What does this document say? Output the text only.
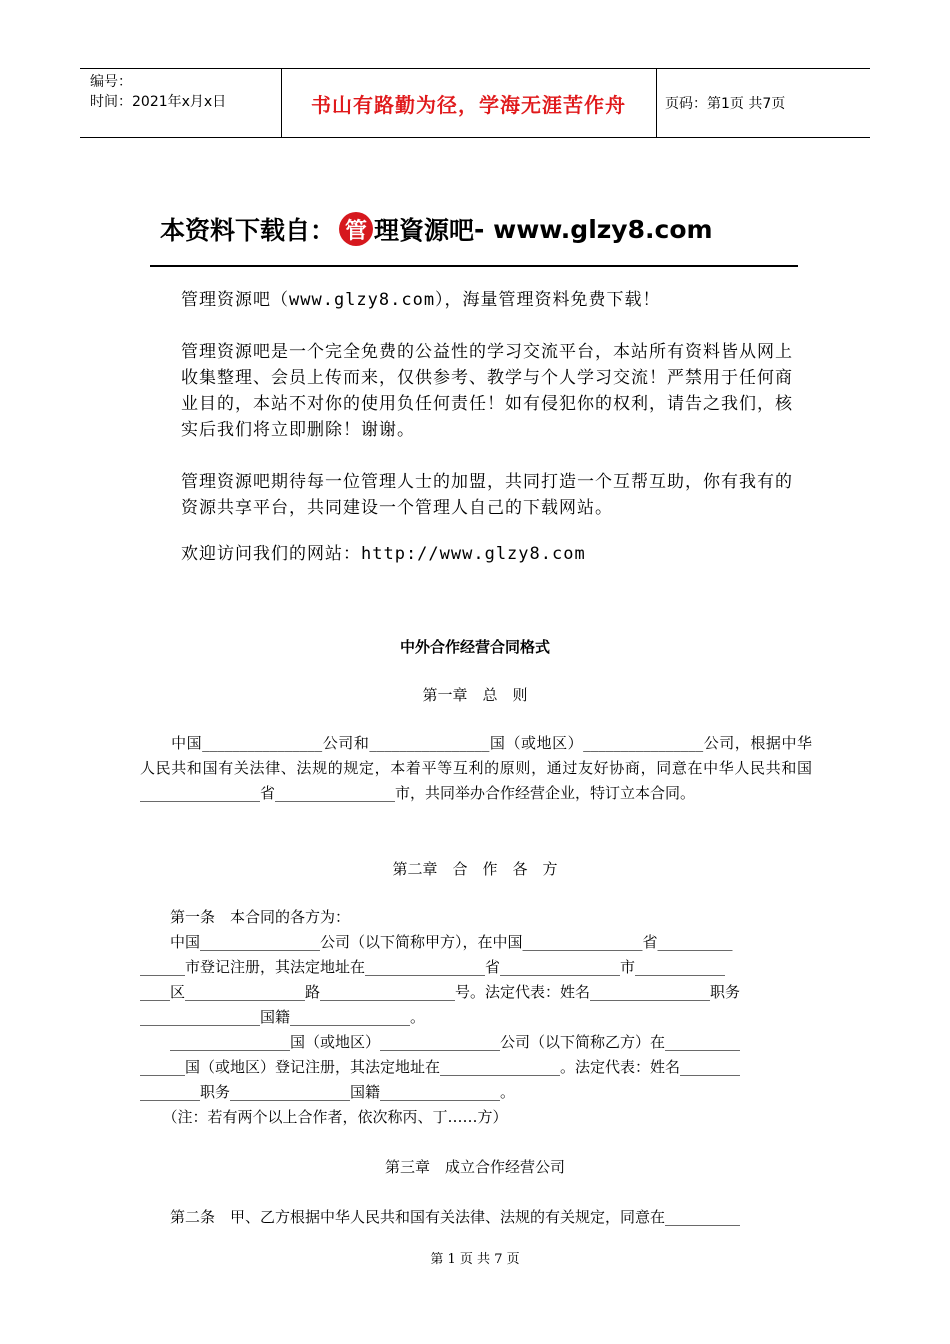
编号：
时间：2021年x月x日	书山有路勤为径，学海无涯苦作舟	页码：第1页 共7页
本资料下载自： 管 理資源吧 - www.glzy8.com
管理资源吧（www.glzy8.com），海量管理资料免费下载！
管理资源吧是一个完全免费的公益性的学习交流平台，本站所有资料皆从网上收集整理、会员上传而来，仅供参考、教学与个人学习交流！严禁用于任何商业目的，本站不对你的使用负任何责任！如有侵犯你的权利，请告之我们，核实后我们将立即删除！谢谢。
管理资源吧期待每一位管理人士的加盟，共同打造一个互帮互助，你有我有的资源共享平台，共同建设一个管理人自己的下载网站。
欢迎访问我们的网站：http://www.glzy8.com
中外合作经营合同格式
第一章　总　则
　　中国________________公司和________________国（或地区）________________公司，根据中华人民共和国有关法律、法规的规定，本着平等互利的原则，通过友好协商，同意在中华人民共和国________________省________________市，共同举办合作经营企业，特订立本合同。
第二章　合　作　各　方
　　第一条　本合同的各方为：
　　中国________________公司（以下简称甲方），在中国________________省__________
______市登记注册，其法定地址在________________省________________市____________
____区________________路__________________号。法定代表：姓名________________职务
________________国籍________________。
　　________________国（或地区）________________公司（以下简称乙方）在__________
______国（或地区）登记注册，其法定地址在________________。法定代表：姓名________
________职务________________国籍________________。
　　（注：若有两个以上合作者，依次称丙、丁……方）
第三章　成立合作经营公司
　　第二条　甲、乙方根据中华人民共和国有关法律、法规的有关规定，同意在__________
第 1 页 共 7 页
